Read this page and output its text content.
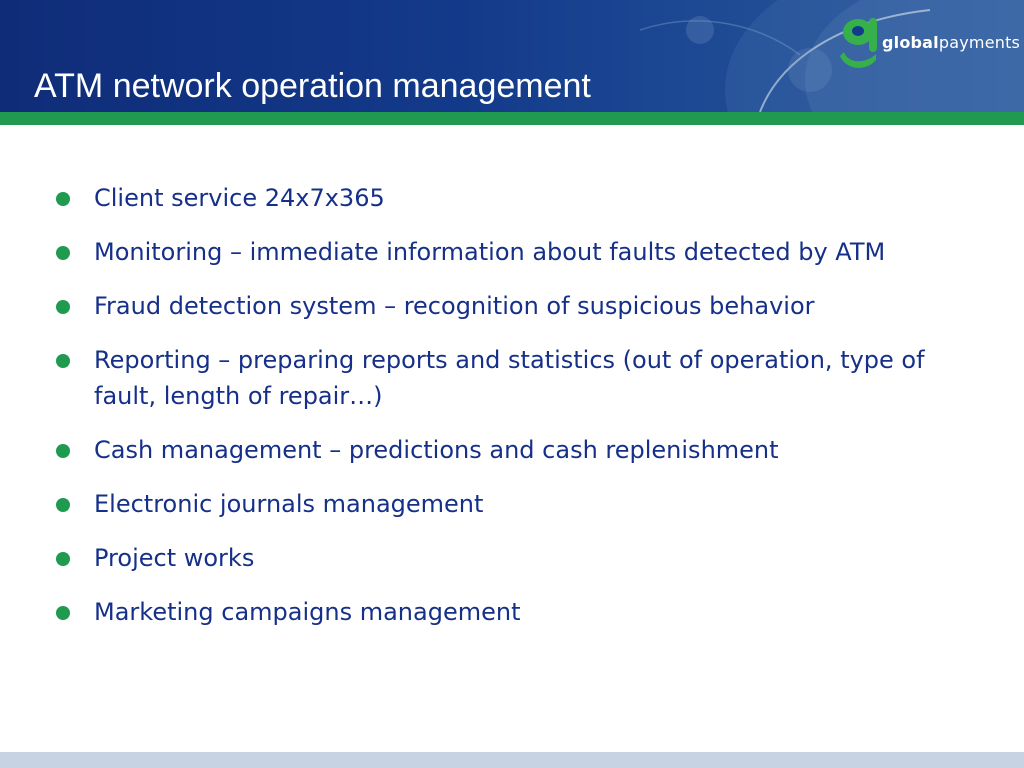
globalpayments
ATM network operation management
Client service 24x7x365
Monitoring – immediate information about faults detected by ATM
Fraud detection system – recognition of suspicious behavior
Reporting – preparing reports and statistics (out of operation, type of fault, length of repair…)
Cash management – predictions and cash replenishment
Electronic journals management
Project works
Marketing campaigns management
